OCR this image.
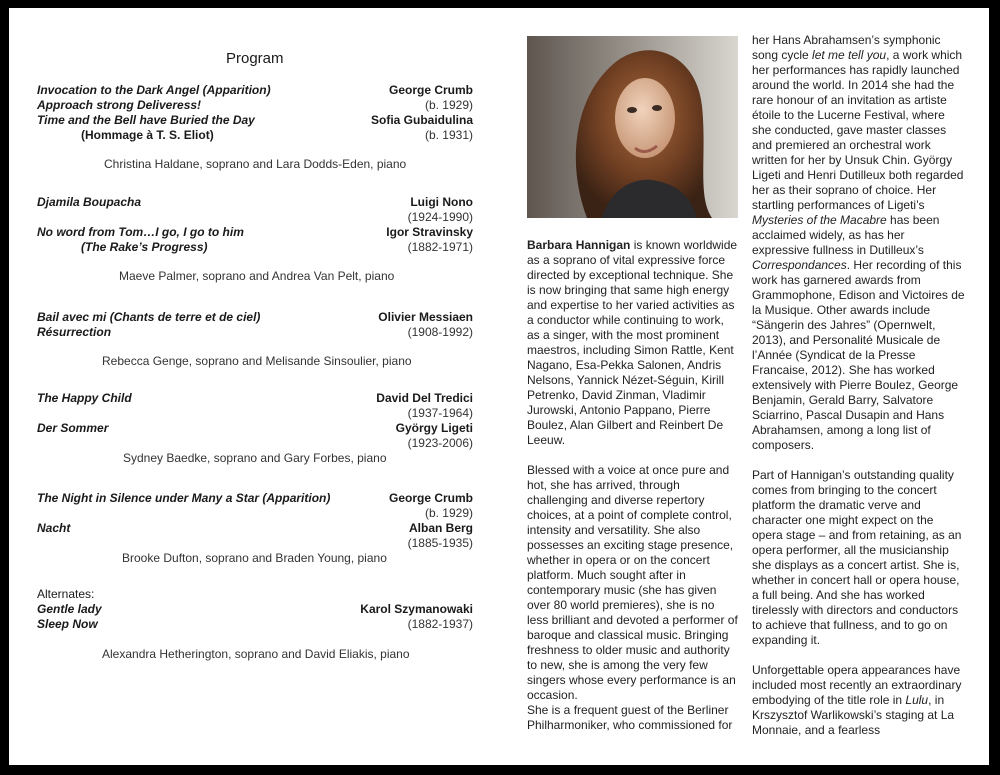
Program
Invocation to the Dark Angel (Apparition)	George Crumb
Approach strong Deliveress!	(b. 1929)
Time and the Bell have Buried the Day	Sofia Gubaidulina
(Hommage à T. S. Eliot)	(b. 1931)
Christina Haldane, soprano and Lara Dodds-Eden, piano
Djamila Boupacha	Luigi Nono
(1924-1990)
No word from Tom…I go, I go to him	Igor Stravinsky
(The Rake’s Progress)	(1882-1971)
Maeve Palmer, soprano and Andrea Van Pelt, piano
Bail avec mi (Chants de terre et de ciel)	Olivier Messiaen
Résurrection	(1908-1992)
Rebecca Genge, soprano and Melisande Sinsoulier, piano
The Happy Child	David Del Tredici
(1937-1964)
Der Sommer	György Ligeti
(1923-2006)
Sydney Baedke, soprano and Gary Forbes, piano
The Night in Silence under Many a Star (Apparition)	George Crumb
(b. 1929)
Nacht	Alban Berg
(1885-1935)
Brooke Dufton, soprano and Braden Young, piano
Alternates:
Gentle lady	Karol Szymanowaki
Sleep Now	(1882-1937)
Alexandra Hetherington, soprano and David Eliakis, piano

Barbara Hannigan is known worldwide as a soprano of vital expressive force directed by exceptional technique. She is now bringing that same high energy and expertise to her varied activities as a conductor while continuing to work, as a singer, with the most prominent maestros, including Simon Rattle, Kent Nagano, Esa-Pekka Salonen, Andris Nelsons, Yannick Nézet-Séguin, Kirill Petrenko, David Zinman, Vladimir Jurowski, Antonio Pappano, Pierre Boulez, Alan Gilbert and Reinbert De Leeuw.

Blessed with a voice at once pure and hot, she has arrived, through challenging and diverse repertory choices, at a point of complete control, intensity and versatility. She also possesses an exciting stage presence, whether in opera or on the concert platform. Much sought after in contemporary music (she has given over 80 world premieres), she is no less brilliant and devoted a performer of baroque and classical music. Bringing freshness to older music and authority to new, she is among the very few singers whose every performance is an occasion.

She is a frequent guest of the Berliner Philharmoniker, who commissioned for

her Hans Abrahamsen’s symphonic song cycle let me tell you, a work which her performances has rapidly launched around the world. In 2014 she had the rare honour of an invitation as artiste étoile to the Lucerne Festival, where she conducted, gave master classes and premiered an orchestral work written for her by Unsuk Chin. György Ligeti and Henri Dutilleux both regarded her as their soprano of choice. Her startling performances of Ligeti’s Mysteries of the Macabre has been acclaimed widely, as has her expressive fullness in Dutilleux’s Correspondances. Her recording of this work has garnered awards from Grammophone, Edison and Victoires de la Musique. Other awards include “Sängerin des Jahres” (Opernwelt, 2013), and Personalité Musicale de l’Année (Syndicat de la Presse Francaise, 2012). She has worked extensively with Pierre Boulez, George Benjamin, Gerald Barry, Salvatore Sciarrino, Pascal Dusapin and Hans Abrahamsen, among a long list of composers.

Part of Hannigan’s outstanding quality comes from bringing to the concert platform the dramatic verve and character one might expect on the opera stage – and from retaining, as an opera performer, all the musicianship she displays as a concert artist. She is, whether in concert hall or opera house, a full being. And she has worked tirelessly with directors and conductors to achieve that fullness, and to go on expanding it.

Unforgettable opera appearances have included most recently an extraordinary embodying of the title role in Lulu, in Krszysztof Warlikowski’s staging at La Monnaie, and a fearless
